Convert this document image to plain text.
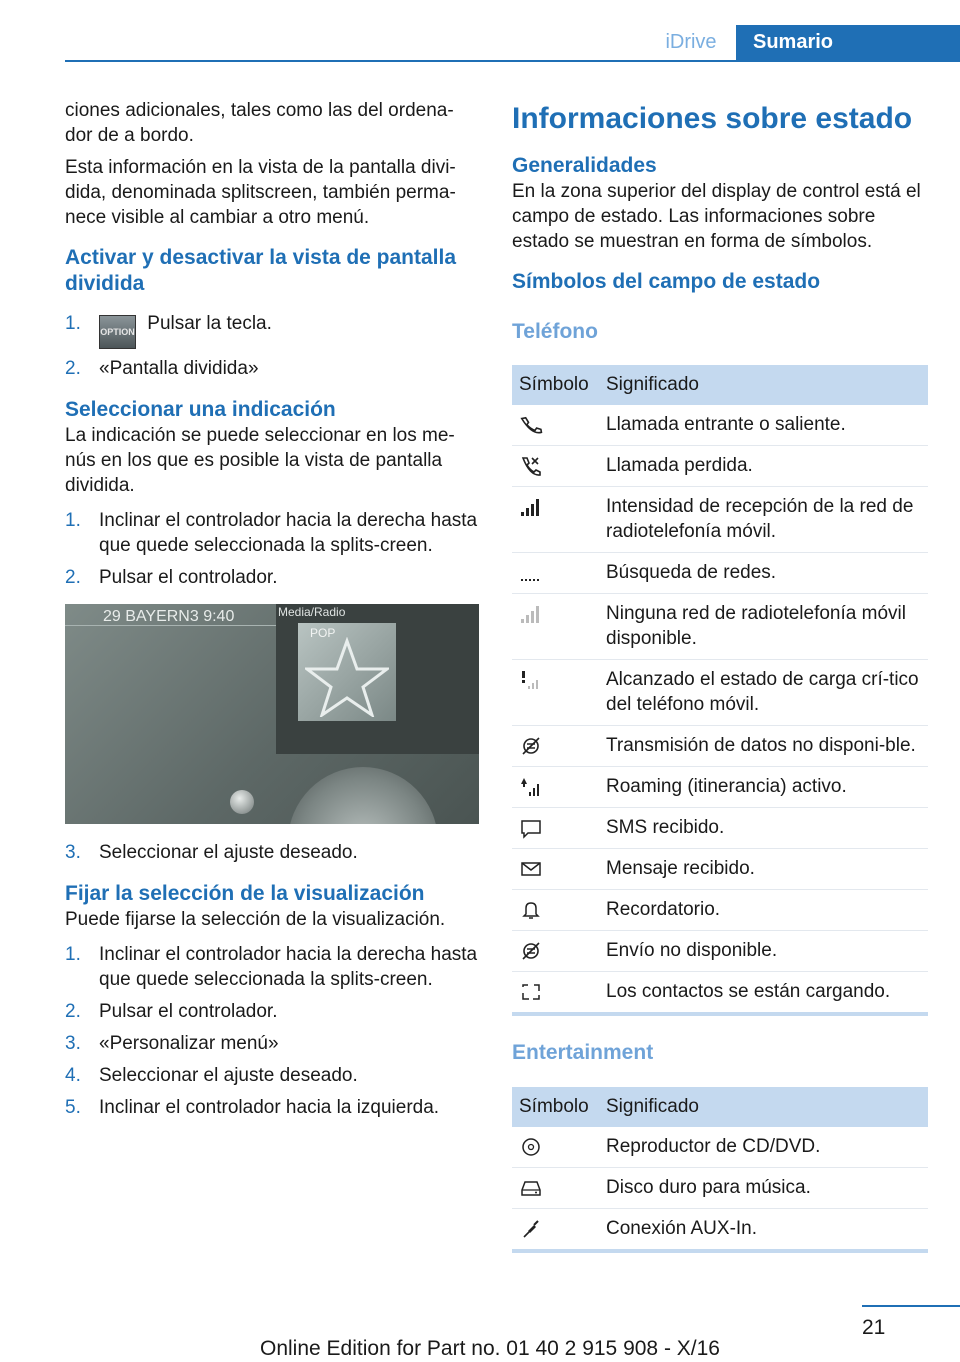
iDrive	Sumario

ciones adicionales, tales como las del ordena‐dor de a bordo.

Esta información en la vista de la pantalla divi‐dida, denominada splitscreen, también perma‐nece visible al cambiar a otro menú.

Activar y desactivar la vista de pantalla dividida
1.	OPTION Pulsar la tecla.
2. «Pantalla dividida»
Seleccionar una indicación

La indicación se puede seleccionar en los me‐nús en los que es posible la vista de pantalla dividida.

1. Inclinar el controlador hacia la derecha hasta que quede seleccionada la splits‐creen.
2. Pulsar el controlador.
29 BAYERN3 9:40	Media/Radio
POP
3. Seleccionar el ajuste deseado.
Fijar la selección de la visualización

Puede fijarse la selección de la visualización.

1. Inclinar el controlador hacia la derecha hasta que quede seleccionada la splits‐creen.
2. Pulsar el controlador.
3. «Personalizar menú»
4. Seleccionar el ajuste deseado.
5. Inclinar el controlador hacia la izquierda.
Informaciones sobre estado
Generalidades

En la zona superior del display de control está el campo de estado. Las informaciones sobre estado se muestran en forma de símbolos.

Símbolos del campo de estado
Teléfono
Símbolo	Significado
	Llamada entrante o saliente.
	Llamada perdida.
	Intensidad de recepción de la red de radiotelefonía móvil.
	Búsqueda de redes.
	Ninguna red de radiotelefonía móvil disponible.
	Alcanzado el estado de carga crí‐tico del teléfono móvil.
	Transmisión de datos no disponi‐ble.
	Roaming (itinerancia) activo.
	SMS recibido.
	Mensaje recibido.
	Recordatorio.
	Envío no disponible.
	Los contactos se están cargando.
Entertainment
Símbolo	Significado
	Reproductor de CD/DVD.
	Disco duro para música.
	Conexión AUX-In.
21
Online Edition for Part no. 01 40 2 915 908 - X/16
